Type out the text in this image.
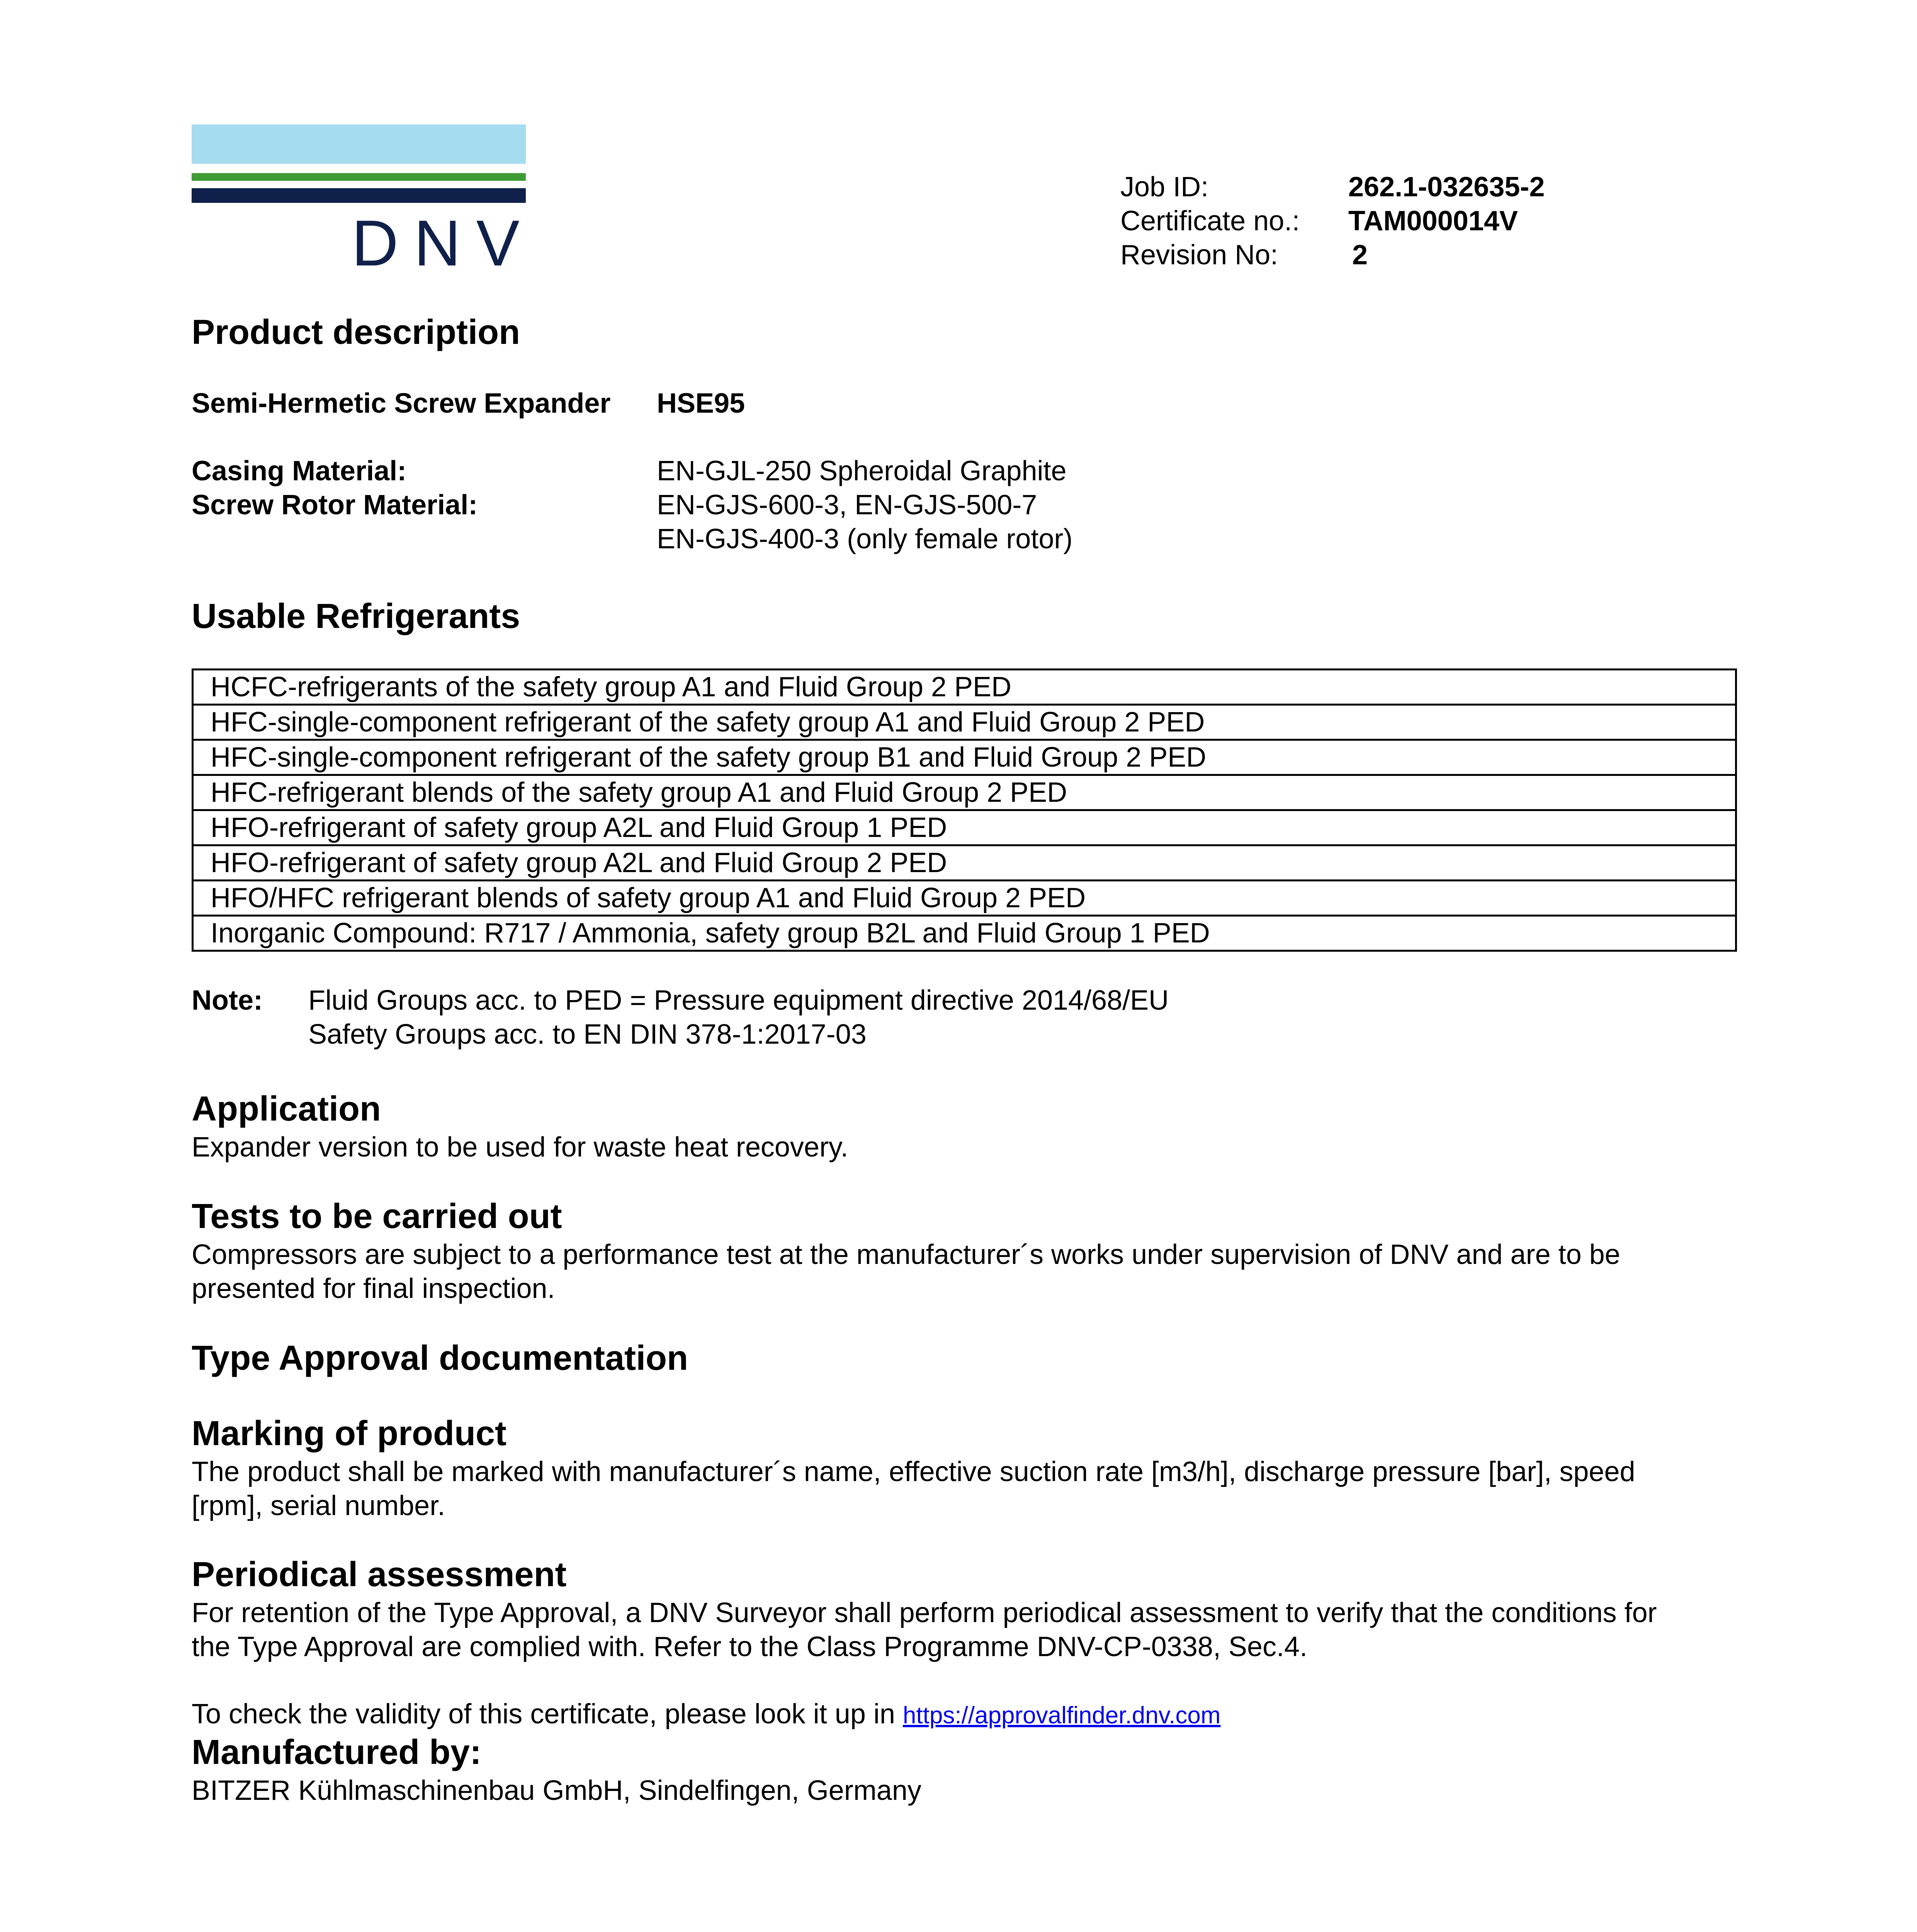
DNV
Job ID:	262.1-032635-2
Certificate no.: TAM000014V
Revision No:	2
Product description
Semi-Hermetic Screw Expander HSE95
Casing Material:	EN-GJL-250 Spheroidal Graphite
Screw Rotor Material:	EN-GJS-600-3, EN-GJS-500-7
EN-GJS-400-3 (only female rotor)
Usable Refrigerants
HCFC-refrigerants of the safety group A1 and Fluid Group 2 PED
HFC-single-component refrigerant of the safety group A1 and Fluid Group 2 PED
HFC-single-component refrigerant of the safety group B1 and Fluid Group 2 PED
HFC-refrigerant blends of the safety group A1 and Fluid Group 2 PED
HFO-refrigerant of safety group A2L and Fluid Group 1 PED
HFO-refrigerant of safety group A2L and Fluid Group 2 PED
HFO/HFC refrigerant blends of safety group A1 and Fluid Group 2 PED
Inorganic Compound: R717 / Ammonia, safety group B2L and Fluid Group 1 PED
Note: Fluid Groups acc. to PED = Pressure equipment directive 2014/68/EU
Safety Groups acc. to EN DIN 378-1:2017-03
Application
Expander version to be used for waste heat recovery.
Tests to be carried out
Compressors are subject to a performance test at the manufacturer´s works under supervision of DNV and are to be
presented for final inspection.
Type Approval documentation
Marking of product
The product shall be marked with manufacturer´s name, effective suction rate [m3/h], discharge pressure [bar], speed
[rpm], serial number.
Periodical assessment
For retention of the Type Approval, a DNV Surveyor shall perform periodical assessment to verify that the conditions for
the Type Approval are complied with. Refer to the Class Programme DNV-CP-0338, Sec.4.
To check the validity of this certificate, please look it up in https://approvalfinder.dnv.com
Manufactured by:
BITZER Kühlmaschinenbau GmbH, Sindelfingen, Germany
